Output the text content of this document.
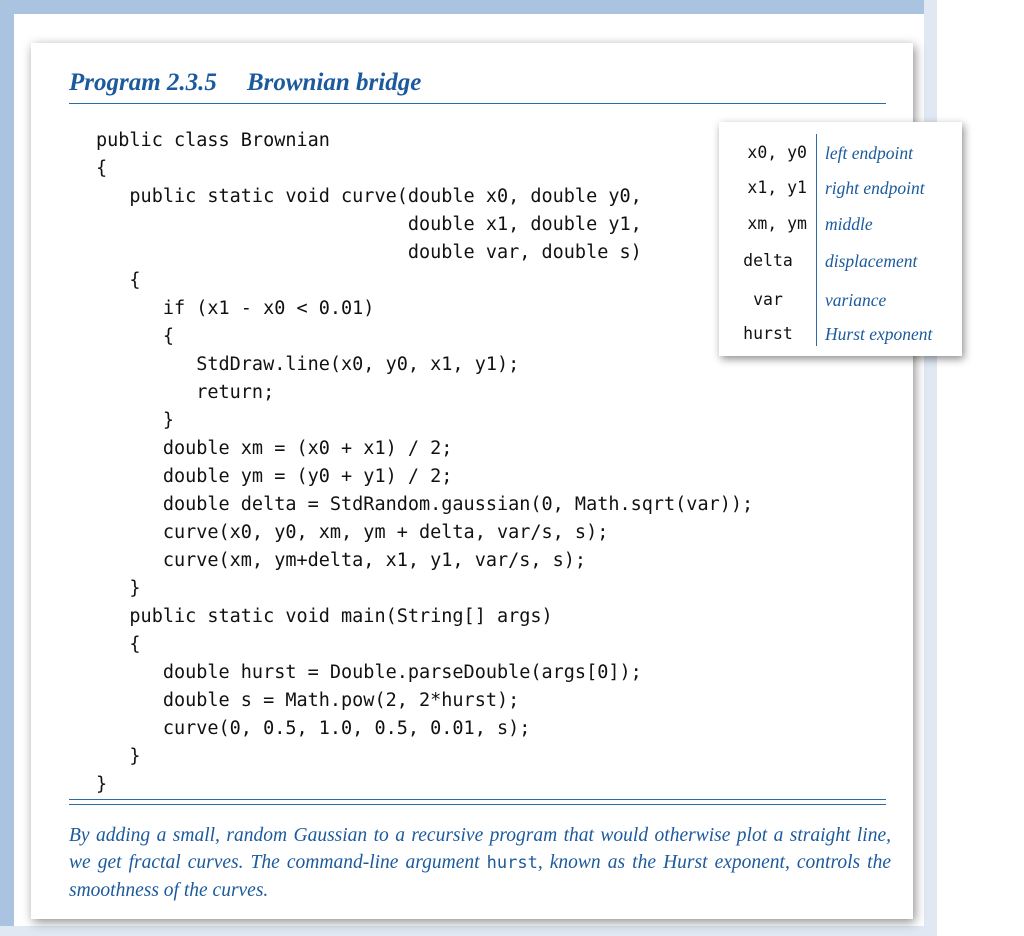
Program 2.3.5 Brownian bridge
public class Brownian
{
public static void curve(double x0, double y0,
double x1, double y1,
double var, double s)
{
if (x1 - x0 < 0.01)
{
StdDraw.line(x0, y0, x1, y1);
return;
}
double xm = (x0 + x1) / 2;
double ym = (y0 + y1) / 2;
double delta = StdRandom.gaussian(0, Math.sqrt(var));
curve(x0, y0, xm, ym + delta, var/s, s);
curve(xm, ym+delta, x1, y1, var/s, s);
}
public static void main(String[] args)
{
double hurst = Double.parseDouble(args[0]);
double s = Math.pow(2, 2*hurst);
curve(0, 0.5, 1.0, 0.5, 0.01, s);
}
}
By adding a small, random Gaussian to a recursive program that would otherwise plot a straight line, we get fractal curves. The command-line argument hurst, known as the Hurst exponent, controls the smoothness of the curves.
x0, y0 left endpoint
x1, y1 right endpoint
xm, ym middle
delta	displacement
var	variance
hurst	Hurst exponent
